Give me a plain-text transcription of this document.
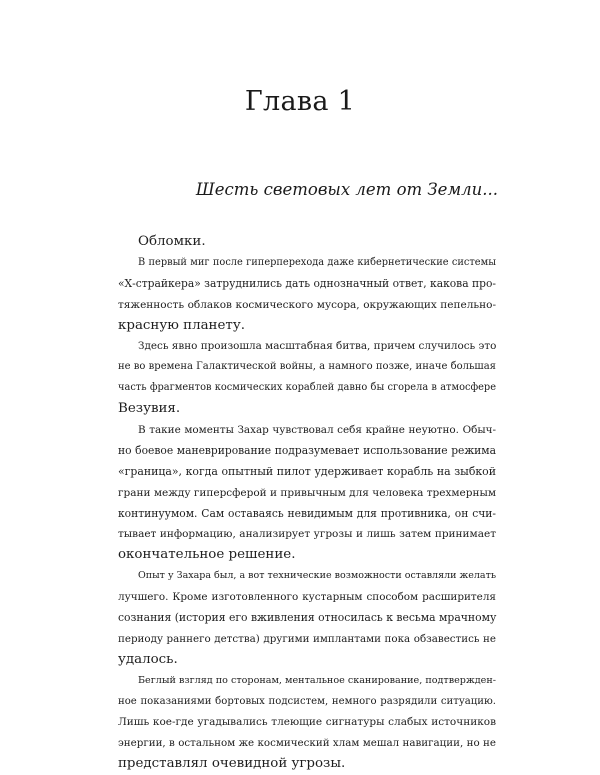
Глава 1

Шесть световых лет от Земли...

Обломки.
В первый миг после гиперперехода даже кибернетические системы
«Х-страйкера» затруднились дать однозначный ответ, какова про-
тяженность облаков космического мусора, окружающих пепельно-
красную планету.
Здесь явно произошла масштабная битва, причем случилось это
не во времена Галактической войны, а намного позже, иначе большая
часть фрагментов космических кораблей давно бы сгорела в атмосфере
Везувия.
В такие моменты Захар чувствовал себя крайне неуютно. Обыч-
но боевое маневрирование подразумевает использование режима
«граница», когда опытный пилот удерживает корабль на зыбкой
грани между гиперсферой и привычным для человека трехмерным
континуумом. Сам оставаясь невидимым для противника, он счи-
тывает информацию, анализирует угрозы и лишь затем принимает
окончательное решение.
Опыт у Захара был, а вот технические возможности оставляли желать
лучшего. Кроме изготовленного кустарным способом расширителя
сознания (история его вживления относилась к весьма мрачному
периоду раннего детства) другими имплантами пока обзавестись не
удалось.
Беглый взгляд по сторонам, ментальное сканирование, подтвержден-
ное показаниями бортовых подсистем, немного разрядили ситуацию.
Лишь кое-где угадывались тлеющие сигнатуры слабых источников
энергии, в остальном же космический хлам мешал навигации, но не
представлял очевидной угрозы.
